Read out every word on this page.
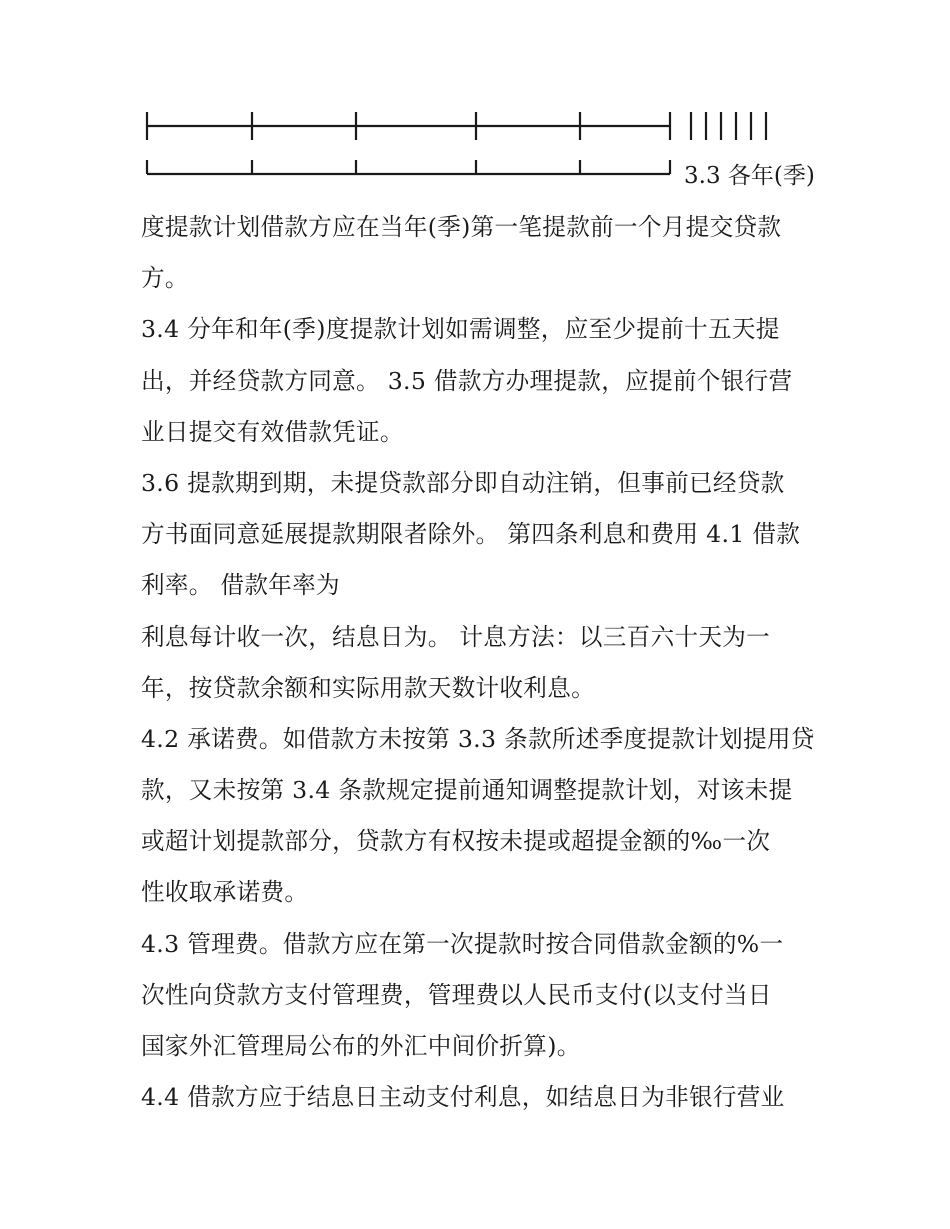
3.3 各年(季)
度提款计划借款方应在当年(季)第一笔提款前一个月提交贷款
方。
3.4 分年和年(季)度提款计划如需调整，应至少提前十五天提
出，并经贷款方同意。 3.5 借款方办理提款，应提前个银行营
业日提交有效借款凭证。
3.6 提款期到期，未提贷款部分即自动注销，但事前已经贷款
方书面同意延展提款期限者除外。 第四条利息和费用 4.1 借款
利率。 借款年率为
利息每计收一次，结息日为。 计息方法：以三百六十天为一
年，按贷款余额和实际用款天数计收利息。
4.2 承诺费。如借款方未按第 3.3 条款所述季度提款计划提用贷
款，又未按第 3.4 条款规定提前通知调整提款计划，对该未提
或超计划提款部分，贷款方有权按未提或超提金额的‰一次
性收取承诺费。
4.3 管理费。借款方应在第一次提款时按合同借款金额的%一
次性向贷款方支付管理费，管理费以人民币支付(以支付当日
国家外汇管理局公布的外汇中间价折算)。
4.4 借款方应于结息日主动支付利息，如结息日为非银行营业
